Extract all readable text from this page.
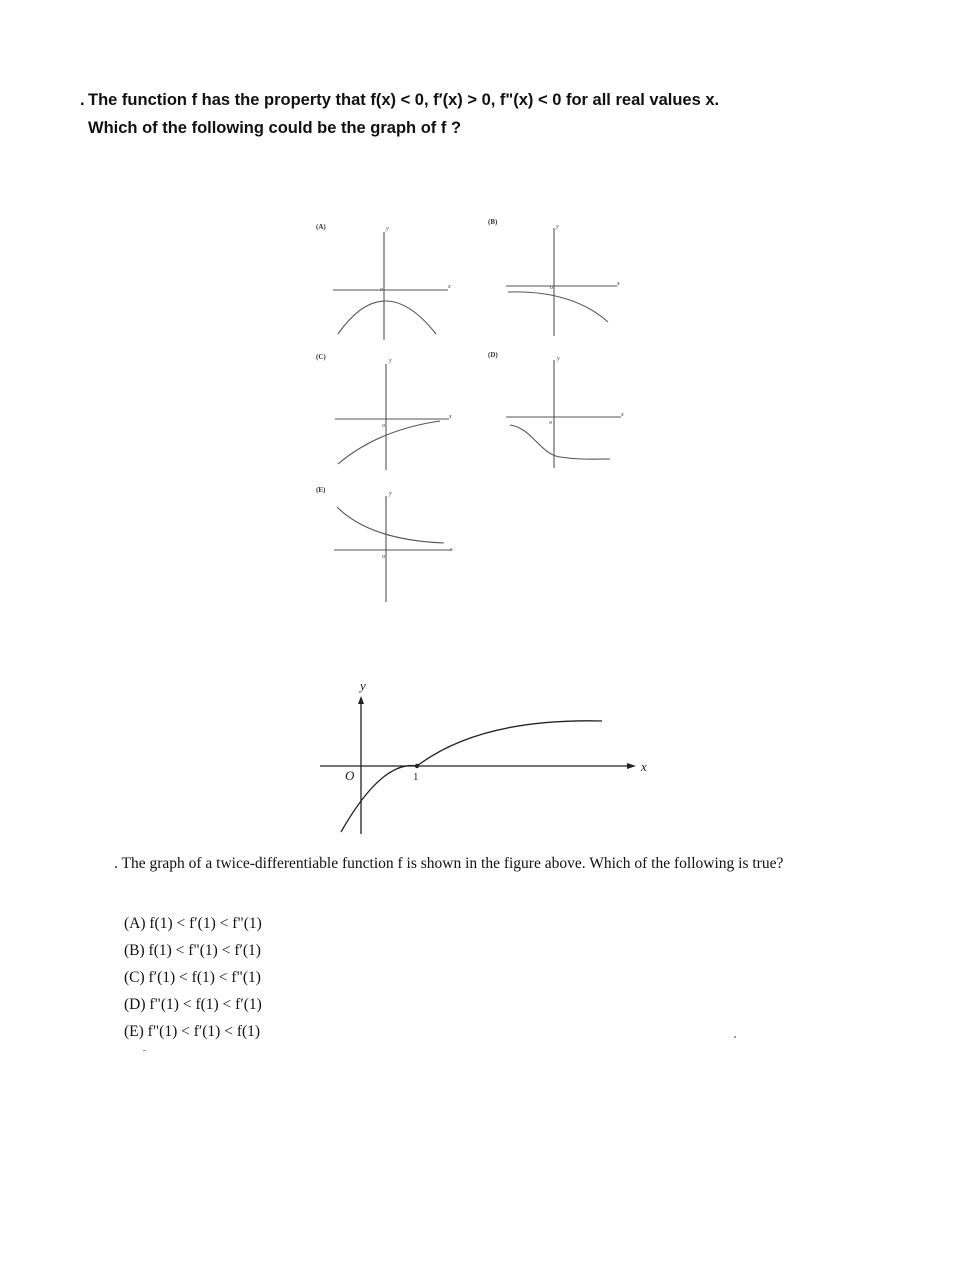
. The function f has the property that f(x) < 0, f′(x) > 0, f"(x) < 0 for all real values x.
Which of the following could be the graph of f ?
(A)
(B)
(C)	(D)
(E)
y
x
o
y
x
o
y
x
o
y
x
o
y
x
o
y
x
O	1
. The graph of a twice-differentiable function f is shown in the figure above. Which of the following is true?
(A) f(1) < f′(1) < f"(1)
(B) f(1) < f"(1) < f′(1)
(C) f′(1) < f(1) < f"(1)
(D) f"(1) < f(1) < f′(1)
(E) f"(1) < f′(1) < f(1)
